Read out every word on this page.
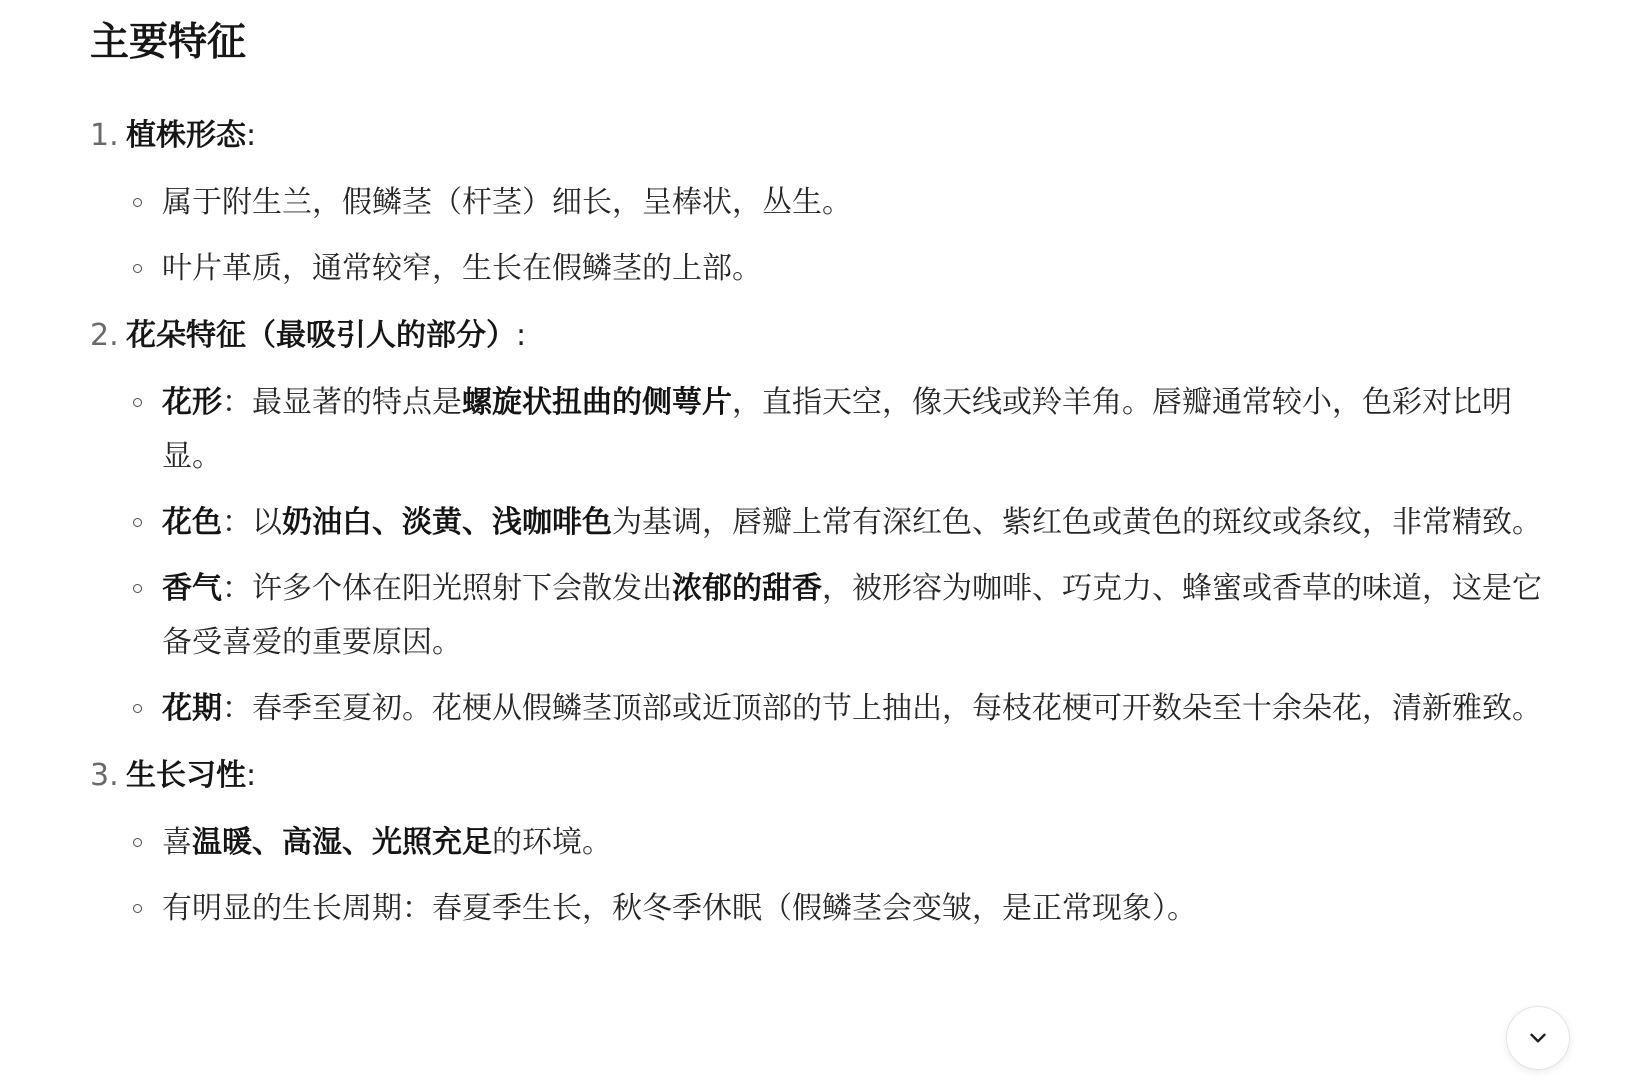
主要特征
1. 植株形态:
属于附生兰，假鳞茎（杆茎）细长，呈棒状，丛生。
叶片革质，通常较窄，生长在假鳞茎的上部。
2. 花朵特征（最吸引人的部分）:
花形：最显著的特点是螺旋状扭曲的侧萼片，直指天空，像天线或羚羊角。唇瓣通常较小，色彩对比明显。
花色：以奶油白、淡黄、浅咖啡色为基调，唇瓣上常有深红色、紫红色或黄色的斑纹或条纹，非常精致。
香气：许多个体在阳光照射下会散发出浓郁的甜香，被形容为咖啡、巧克力、蜂蜜或香草的味道，这是它备受喜爱的重要原因。
花期：春季至夏初。花梗从假鳞茎顶部或近顶部的节上抽出，每枝花梗可开数朵至十余朵花，清新雅致。
3. 生长习性:
喜温暖、高湿、光照充足的环境。
有明显的生长周期：春夏季生长，秋冬季休眠（假鳞茎会变皱，是正常现象）。
